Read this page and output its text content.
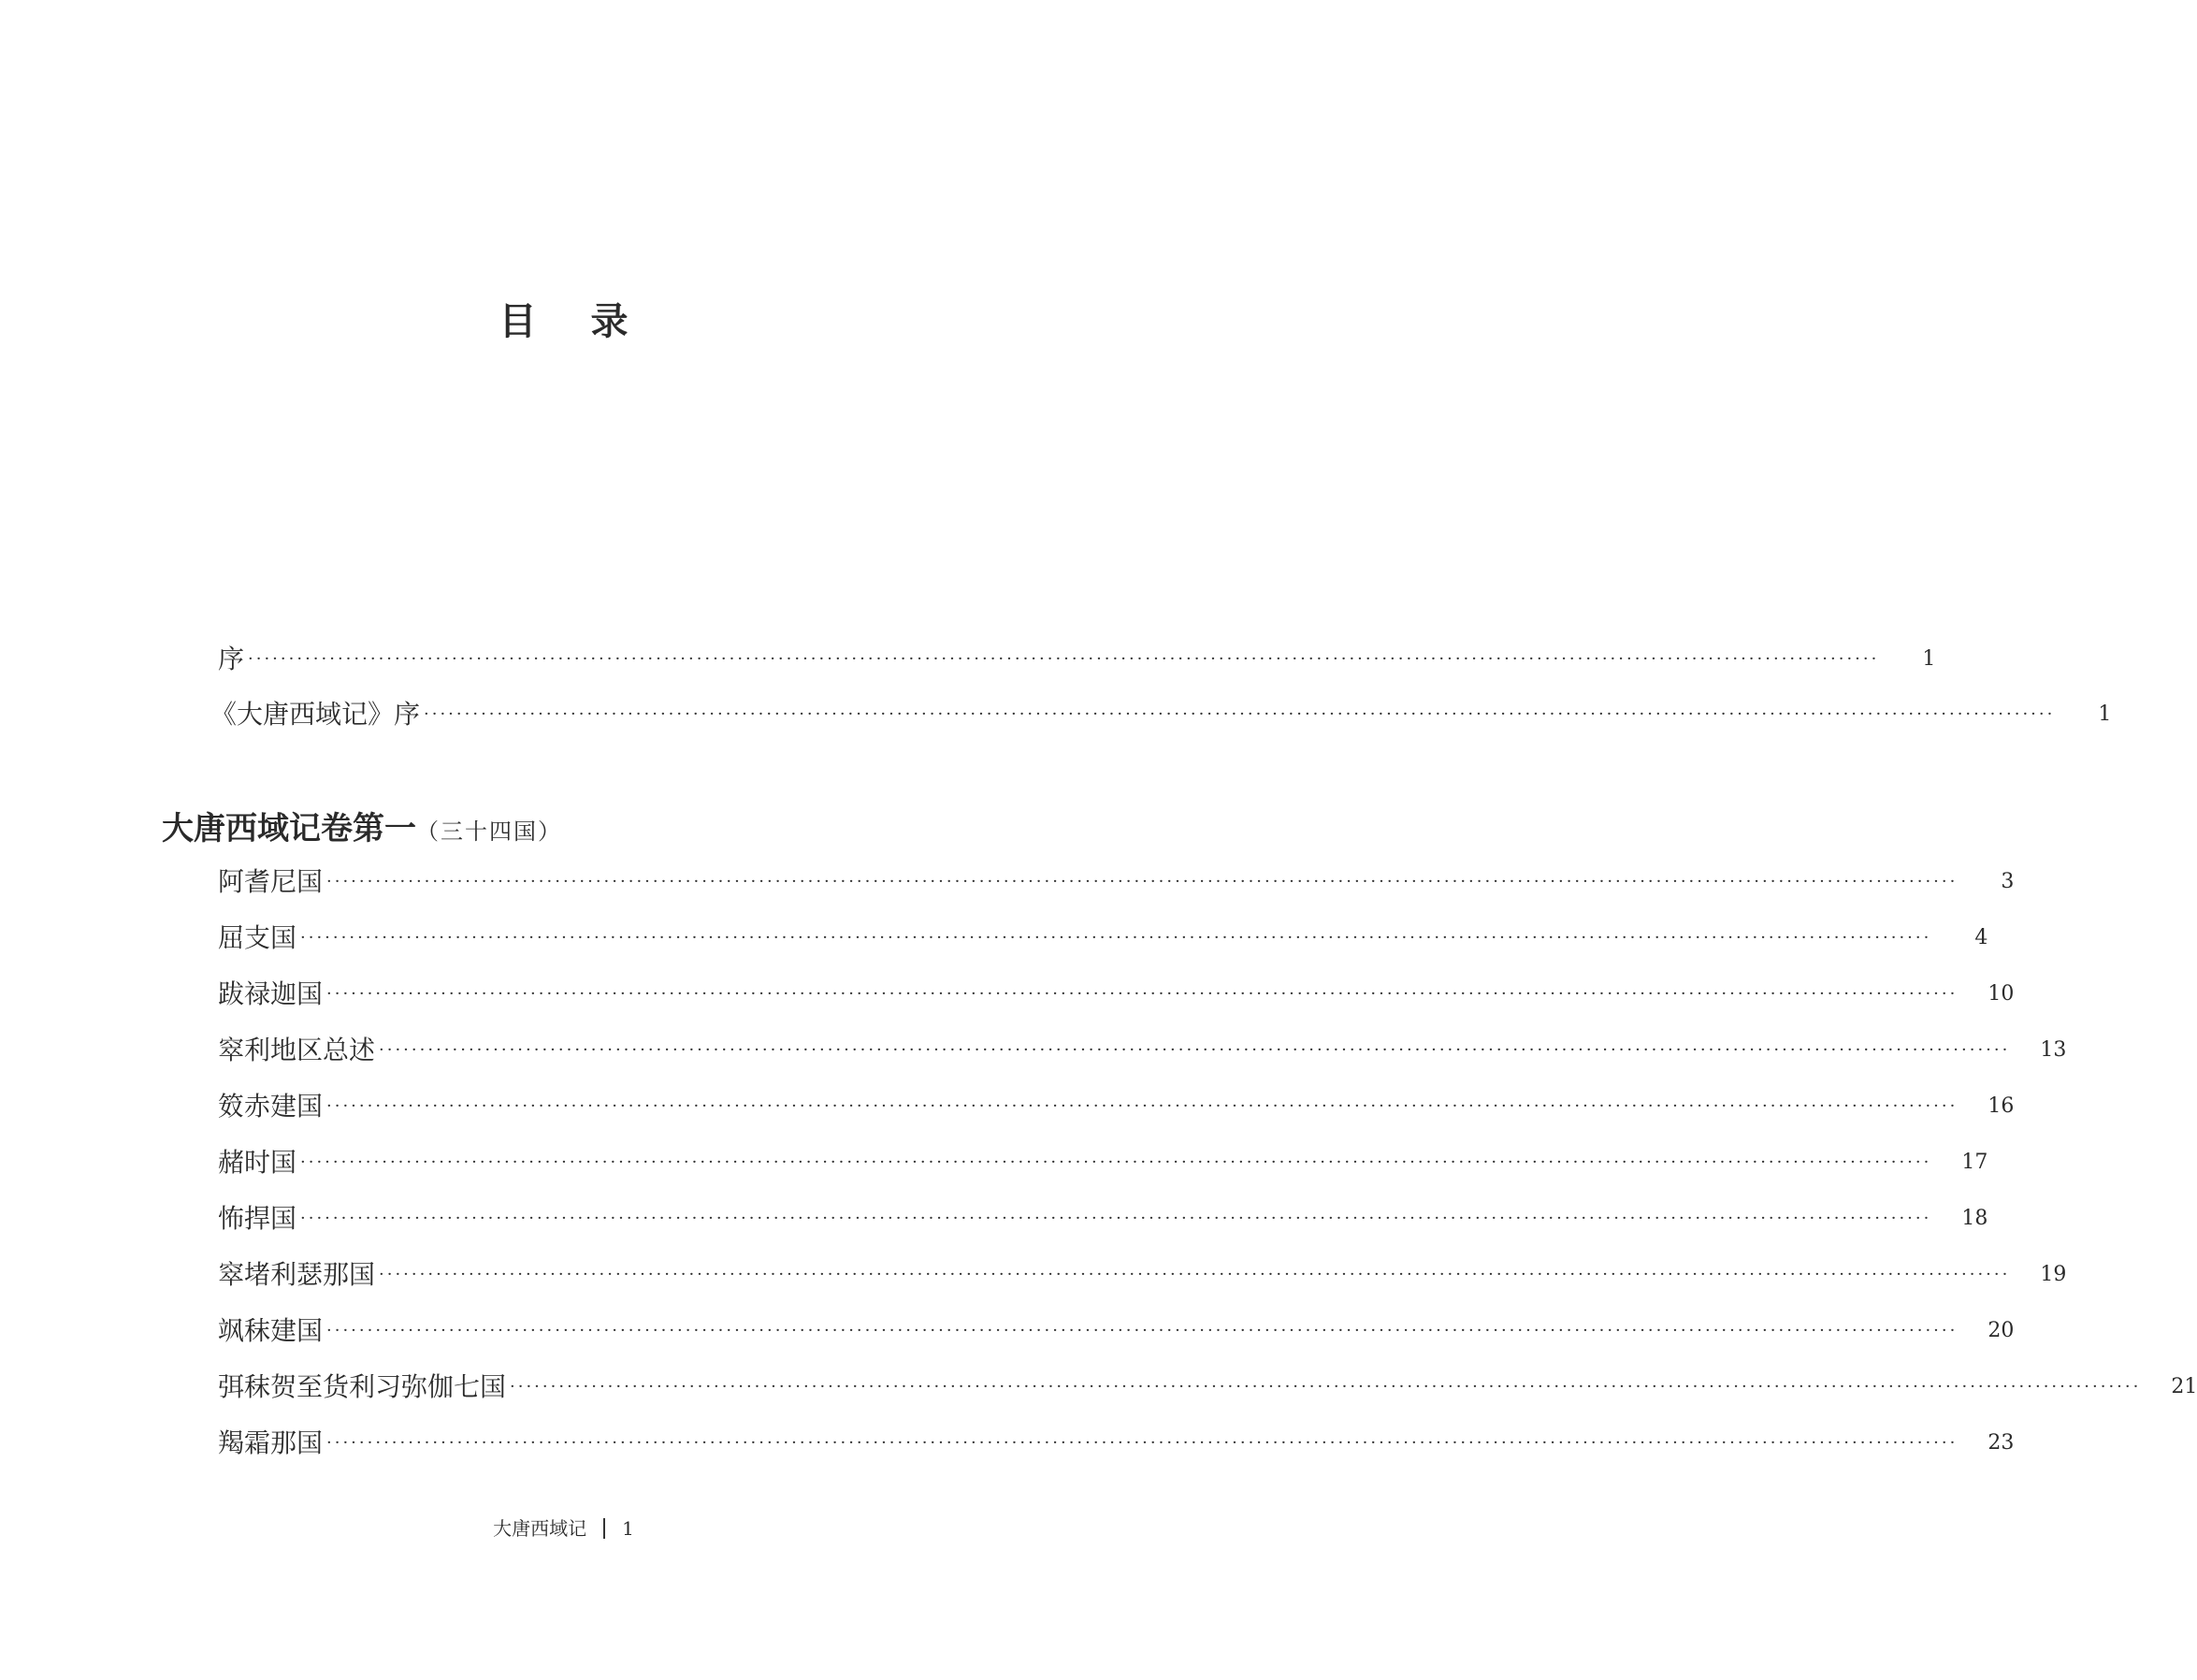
目 录
序 ········································································································································································································	1
《大唐西域记》序 ········································································································································································································	1
大唐西域记卷第一（三十四国）
阿耆尼国 ········································································································································································································	3
屈支国 ········································································································································································································	4
跋禄迦国 ········································································································································································································	10
窣利地区总述 ········································································································································································································	13
笯赤建国 ········································································································································································································	16
赭时国 ········································································································································································································	17
怖捍国 ········································································································································································································	18
窣堵利瑟那国 ········································································································································································································	19
飒秣建国 ········································································································································································································	20
弭秣贺至货利习弥伽七国 ········································································································································································································	21
羯霜那国 ········································································································································································································	23
大唐西域记 1
